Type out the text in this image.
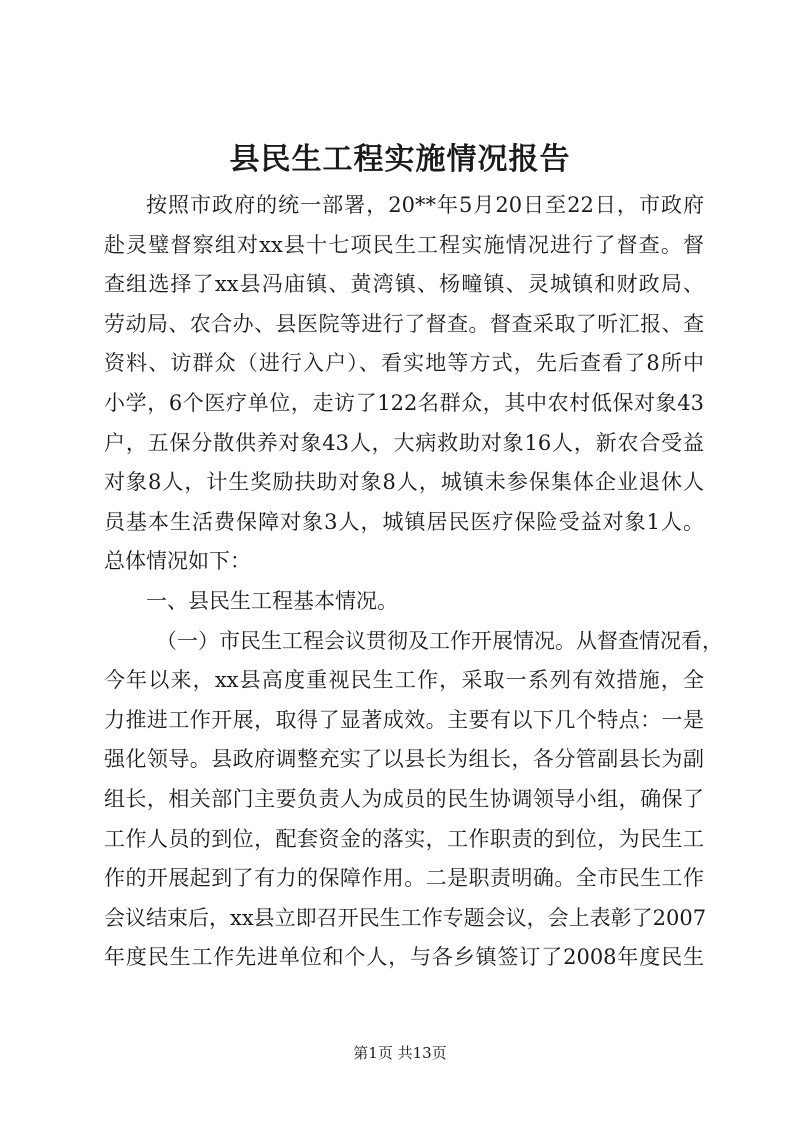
县民生工程实施情况报告
按照市政府的统一部署，20**年5月20日至22日，市政府
赴灵璧督察组对xx县十七项民生工程实施情况进行了督查。督
查组选择了xx县冯庙镇、黄湾镇、杨疃镇、灵城镇和财政局、
劳动局、农合办、县医院等进行了督查。督查采取了听汇报、查
资料、访群众（进行入户）、看实地等方式，先后查看了8所中
小学，6个医疗单位，走访了122名群众，其中农村低保对象43
户，五保分散供养对象43人，大病救助对象16人，新农合受益
对象8人，计生奖励扶助对象8人，城镇未参保集体企业退休人
员基本生活费保障对象3人，城镇居民医疗保险受益对象1人。
总体情况如下：
一、县民生工程基本情况。
（一）市民生工程会议贯彻及工作开展情况。从督查情况看，
今年以来，xx县高度重视民生工作，采取一系列有效措施，全
力推进工作开展，取得了显著成效。主要有以下几个特点：一是
强化领导。县政府调整充实了以县长为组长，各分管副县长为副
组长，相关部门主要负责人为成员的民生协调领导小组，确保了
工作人员的到位，配套资金的落实，工作职责的到位，为民生工
作的开展起到了有力的保障作用。二是职责明确。全市民生工作
会议结束后，xx县立即召开民生工作专题会议，会上表彰了2007
年度民生工作先进单位和个人，与各乡镇签订了2008年度民生
第1页 共13页
